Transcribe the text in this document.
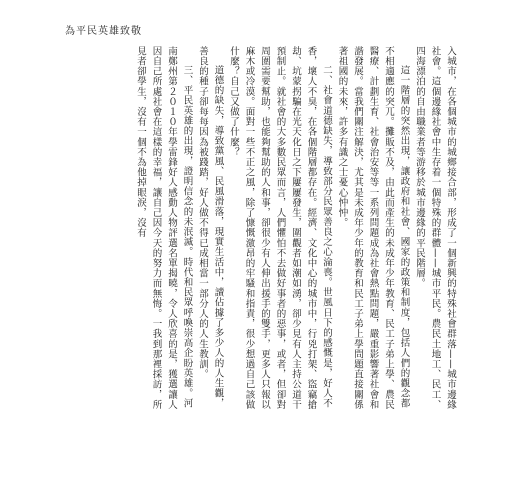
為平民英雄致敬

入城市，在各個城市的城鄉接合部，形成了一個新興的特殊社會群落——城市邊緣社會。這個邊緣社會中生存着一個特殊的群體——城市平民。農民土地工、民工、四海漂泊的自由職業者等游移於城市邊緣的平民階層。

這一階層的突然出現，讓政府和社會、國家的政策和制度，包括人們的觀念都不相適應的突兀。攤販不及，由此而產生的未成年少年教育、民工子弟上學、農民醫療、計劃生育、社會治安等等一系列問題成為社會熱點問題，嚴重影響著社會和諧發展。當我們關注解決，尤其是未成年少年的教育和民工子弟上學問題直接關係著祖國的未來，許多有識之士憂心忡忡。

二、社會道德缺失，導致部分民眾善良之心淪喪。世風日下的感慨是，好人不香，壞人不臭，在各個階層都存在。經濟、文化中心的城市中，行兇打架、盜竊搶劫、坑蒙拐騙在光天化日之下屢屢發生，圍觀者如潮如湧，卻少見有人主持公道干預制止。就社會的大多數民眾而言，人們懼怕不去做好事者的惡事，或者，但卻對周圍需要幫助，也能夠幫助的人和事，卻很少有人伸出援手的雙手，更多人只報以麻木或冷漠。面對一些不正之風，除了慷慨激昂的牢騷和指責，很少想過自己該做什麼？自己又做了什麼？

道德的缺失，導致黨風、民風滑落，現實生活中，讀佔據了多少人的人生觀，善良的種子卻每每因為被踐踏，好人做不得已成相當一部分人的人生教訓。

三、平民英雄的出現，證明信念的未泯滅。時代和民眾呼喚崇高企盼英雄。河南鄭州第２０１０年學雷鋒好人感動人物評選名單揭曉，令人欣喜的是，獲選讓人因自己所處社會在這樣的幸福，讓自己因今天的努力而無悔。一我到那裡採訪，所見者卻學生，沒有一個不為他掉眼淚，沒有
